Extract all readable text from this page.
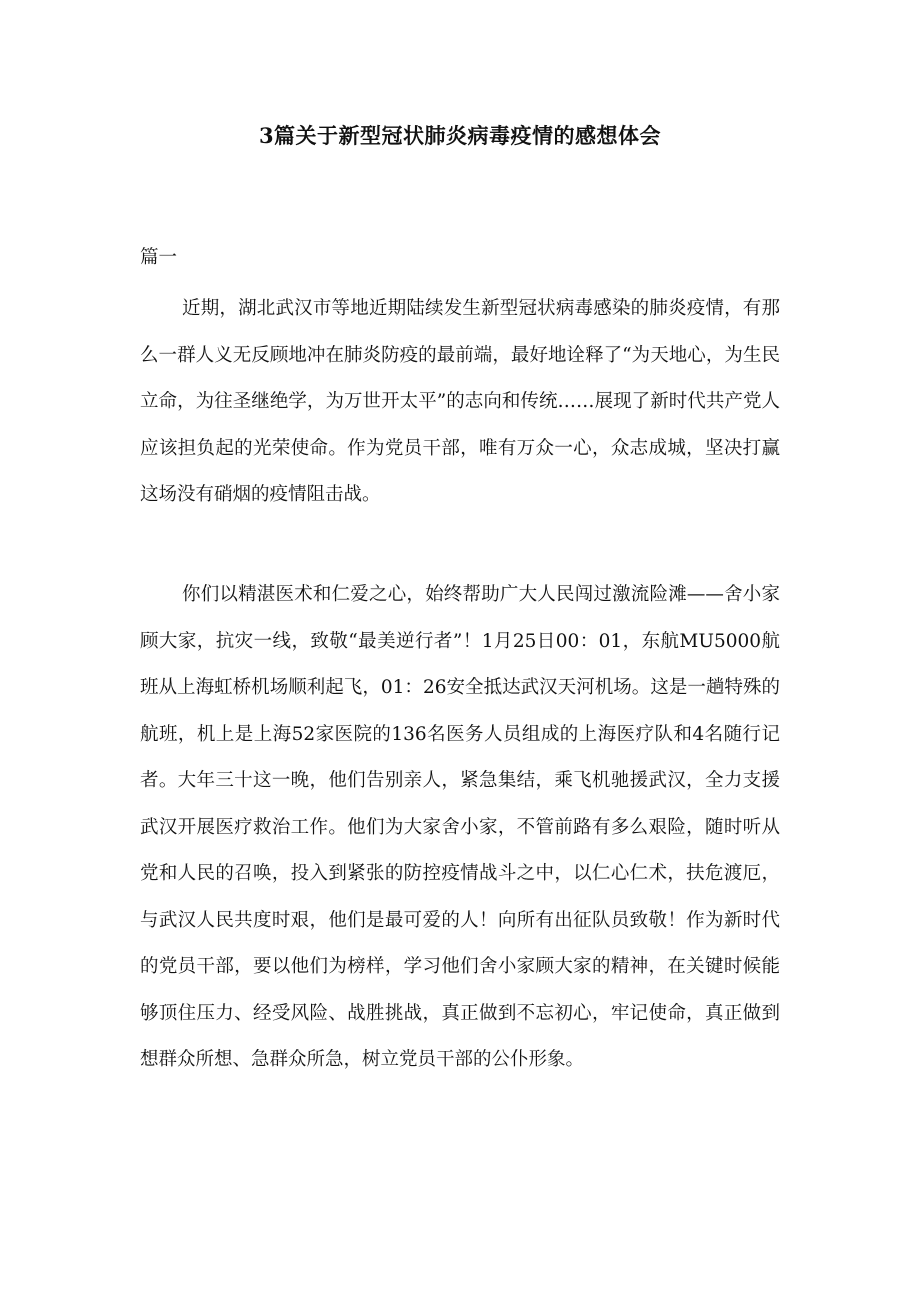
3篇关于新型冠状肺炎病毒疫情的感想体会
篇一

近期，湖北武汉市等地近期陆续发生新型冠状病毒感染的肺炎疫情，有那么一群人义无反顾地冲在肺炎防疫的最前端，最好地诠释了“为天地心，为生民立命，为往圣继绝学，为万世开太平”的志向和传统……展现了新时代共产党人应该担负起的光荣使命。作为党员干部，唯有万众一心，众志成城，坚决打赢这场没有硝烟的疫情阻击战。

你们以精湛医术和仁爱之心，始终帮助广大人民闯过激流险滩——舍小家顾大家，抗灾一线，致敬“最美逆行者”！1月25日00：01，东航MU5000航班从上海虹桥机场顺利起飞，01：26安全抵达武汉天河机场。这是一趟特殊的航班，机上是上海52家医院的136名医务人员组成的上海医疗队和4名随行记者。大年三十这一晚，他们告别亲人，紧急集结，乘飞机驰援武汉，全力支援武汉开展医疗救治工作。他们为大家舍小家，不管前路有多么艰险，随时听从党和人民的召唤，投入到紧张的防控疫情战斗之中，以仁心仁术，扶危渡厄，与武汉人民共度时艰，他们是最可爱的人！向所有出征队员致敬！作为新时代的党员干部，要以他们为榜样，学习他们舍小家顾大家的精神，在关键时候能够顶住压力、经受风险、战胜挑战，真正做到不忘初心，牢记使命，真正做到想群众所想、急群众所急，树立党员干部的公仆形象。
